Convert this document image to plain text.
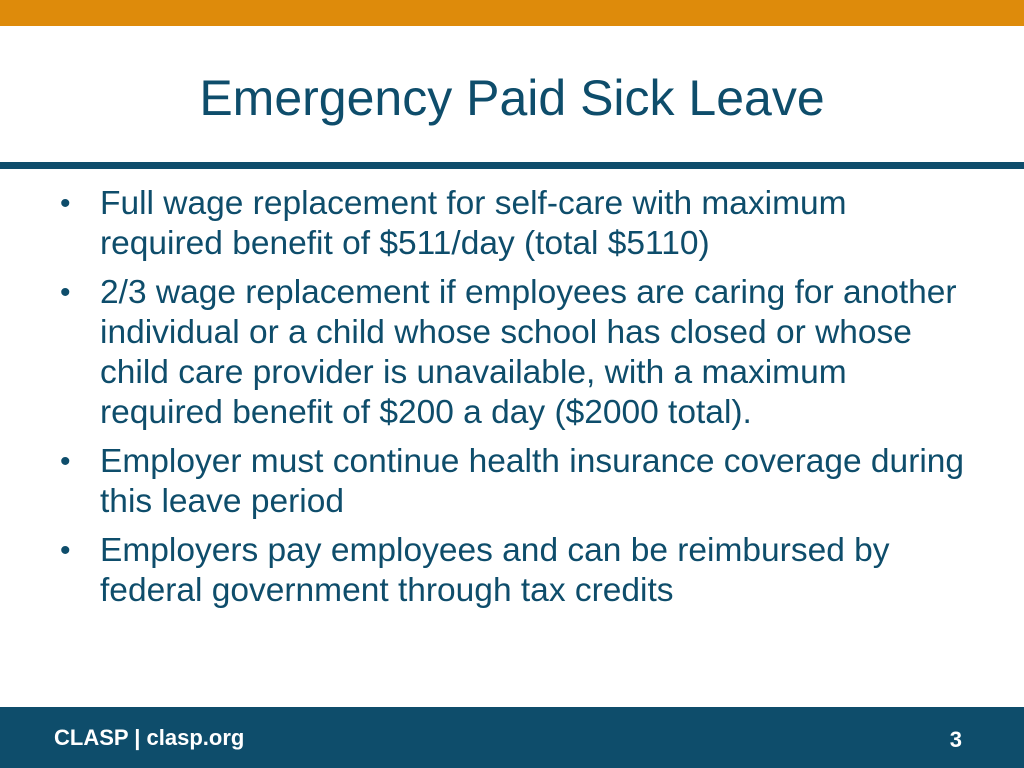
Emergency Paid Sick Leave
• Full wage replacement for self-care with maximum required benefit of $511/day (total $5110)
• 2/3 wage replacement if employees are caring for another individual or a child whose school has closed or whose child care provider is unavailable, with a maximum required benefit of $200 a day ($2000 total).
• Employer must continue health insurance coverage during this leave period
• Employers pay employees and can be reimbursed by federal government through tax credits
CLASP | clasp.org	3
